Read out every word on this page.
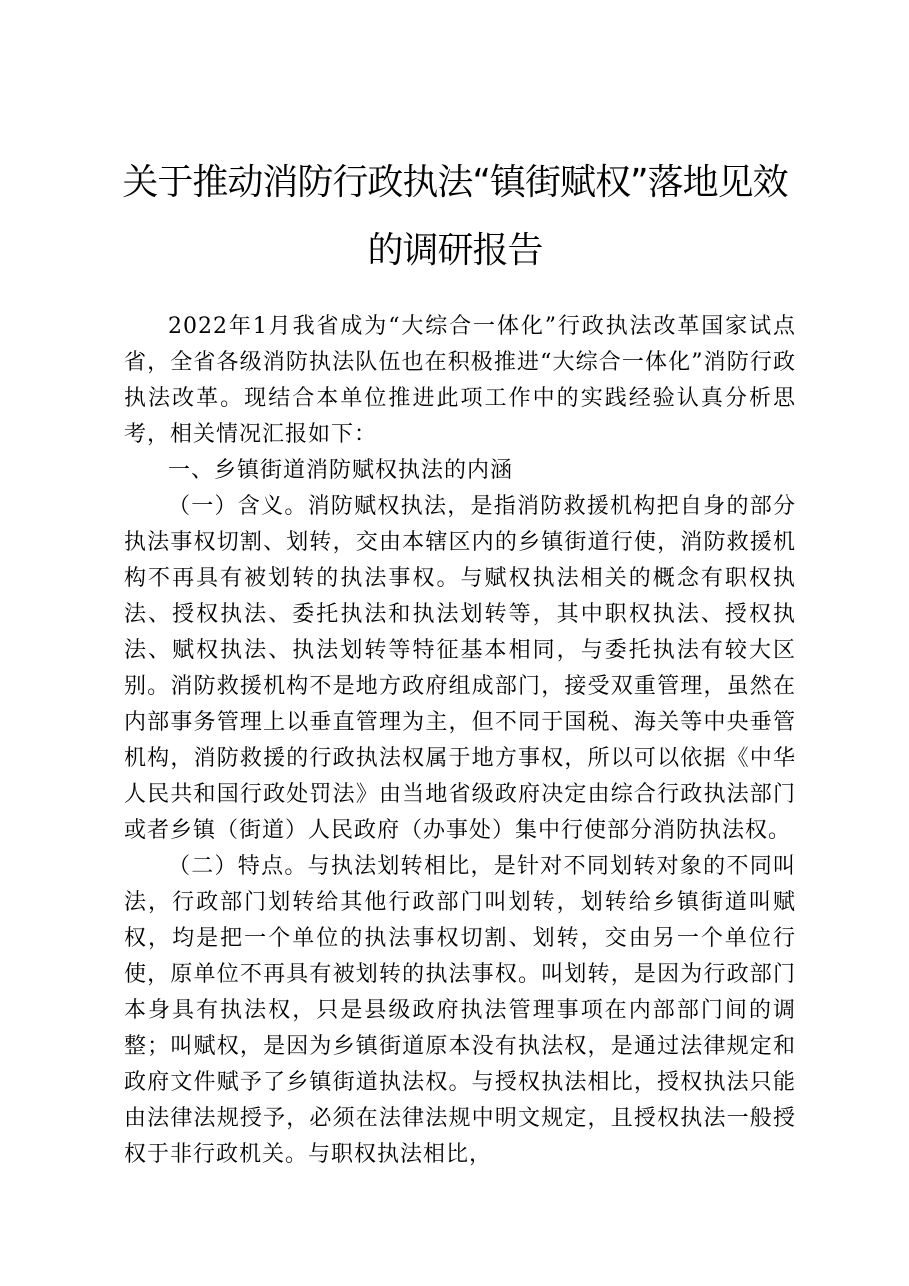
关于推动消防行政执法“镇街赋权”落地见效
的调研报告

2022年1月我省成为“大综合一体化”行政执法改革国家试点省，全省各级消防执法队伍也在积极推进“大综合一体化”消防行政执法改革。现结合本单位推进此项工作中的实践经验认真分析思考，相关情况汇报如下：

一、乡镇街道消防赋权执法的内涵

（一）含义。消防赋权执法，是指消防救援机构把自身的部分执法事权切割、划转，交由本辖区内的乡镇街道行使，消防救援机构不再具有被划转的执法事权。与赋权执法相关的概念有职权执法、授权执法、委托执法和执法划转等，其中职权执法、授权执法、赋权执法、执法划转等特征基本相同，与委托执法有较大区别。消防救援机构不是地方政府组成部门，接受双重管理，虽然在内部事务管理上以垂直管理为主，但不同于国税、海关等中央垂管机构，消防救援的行政执法权属于地方事权，所以可以依据《中华人民共和国行政处罚法》由当地省级政府决定由综合行政执法部门或者乡镇（街道）人民政府（办事处）集中行使部分消防执法权。

（二）特点。与执法划转相比，是针对不同划转对象的不同叫法，行政部门划转给其他行政部门叫划转，划转给乡镇街道叫赋权，均是把一个单位的执法事权切割、划转，交由另一个单位行使，原单位不再具有被划转的执法事权。叫划转，是因为行政部门本身具有执法权，只是县级政府执法管理事项在内部部门间的调整；叫赋权，是因为乡镇街道原本没有执法权，是通过法律规定和政府文件赋予了乡镇街道执法权。与授权执法相比，授权执法只能由法律法规授予，必须在法律法规中明文规定，且授权执法一般授权于非行政机关。与职权执法相比，
